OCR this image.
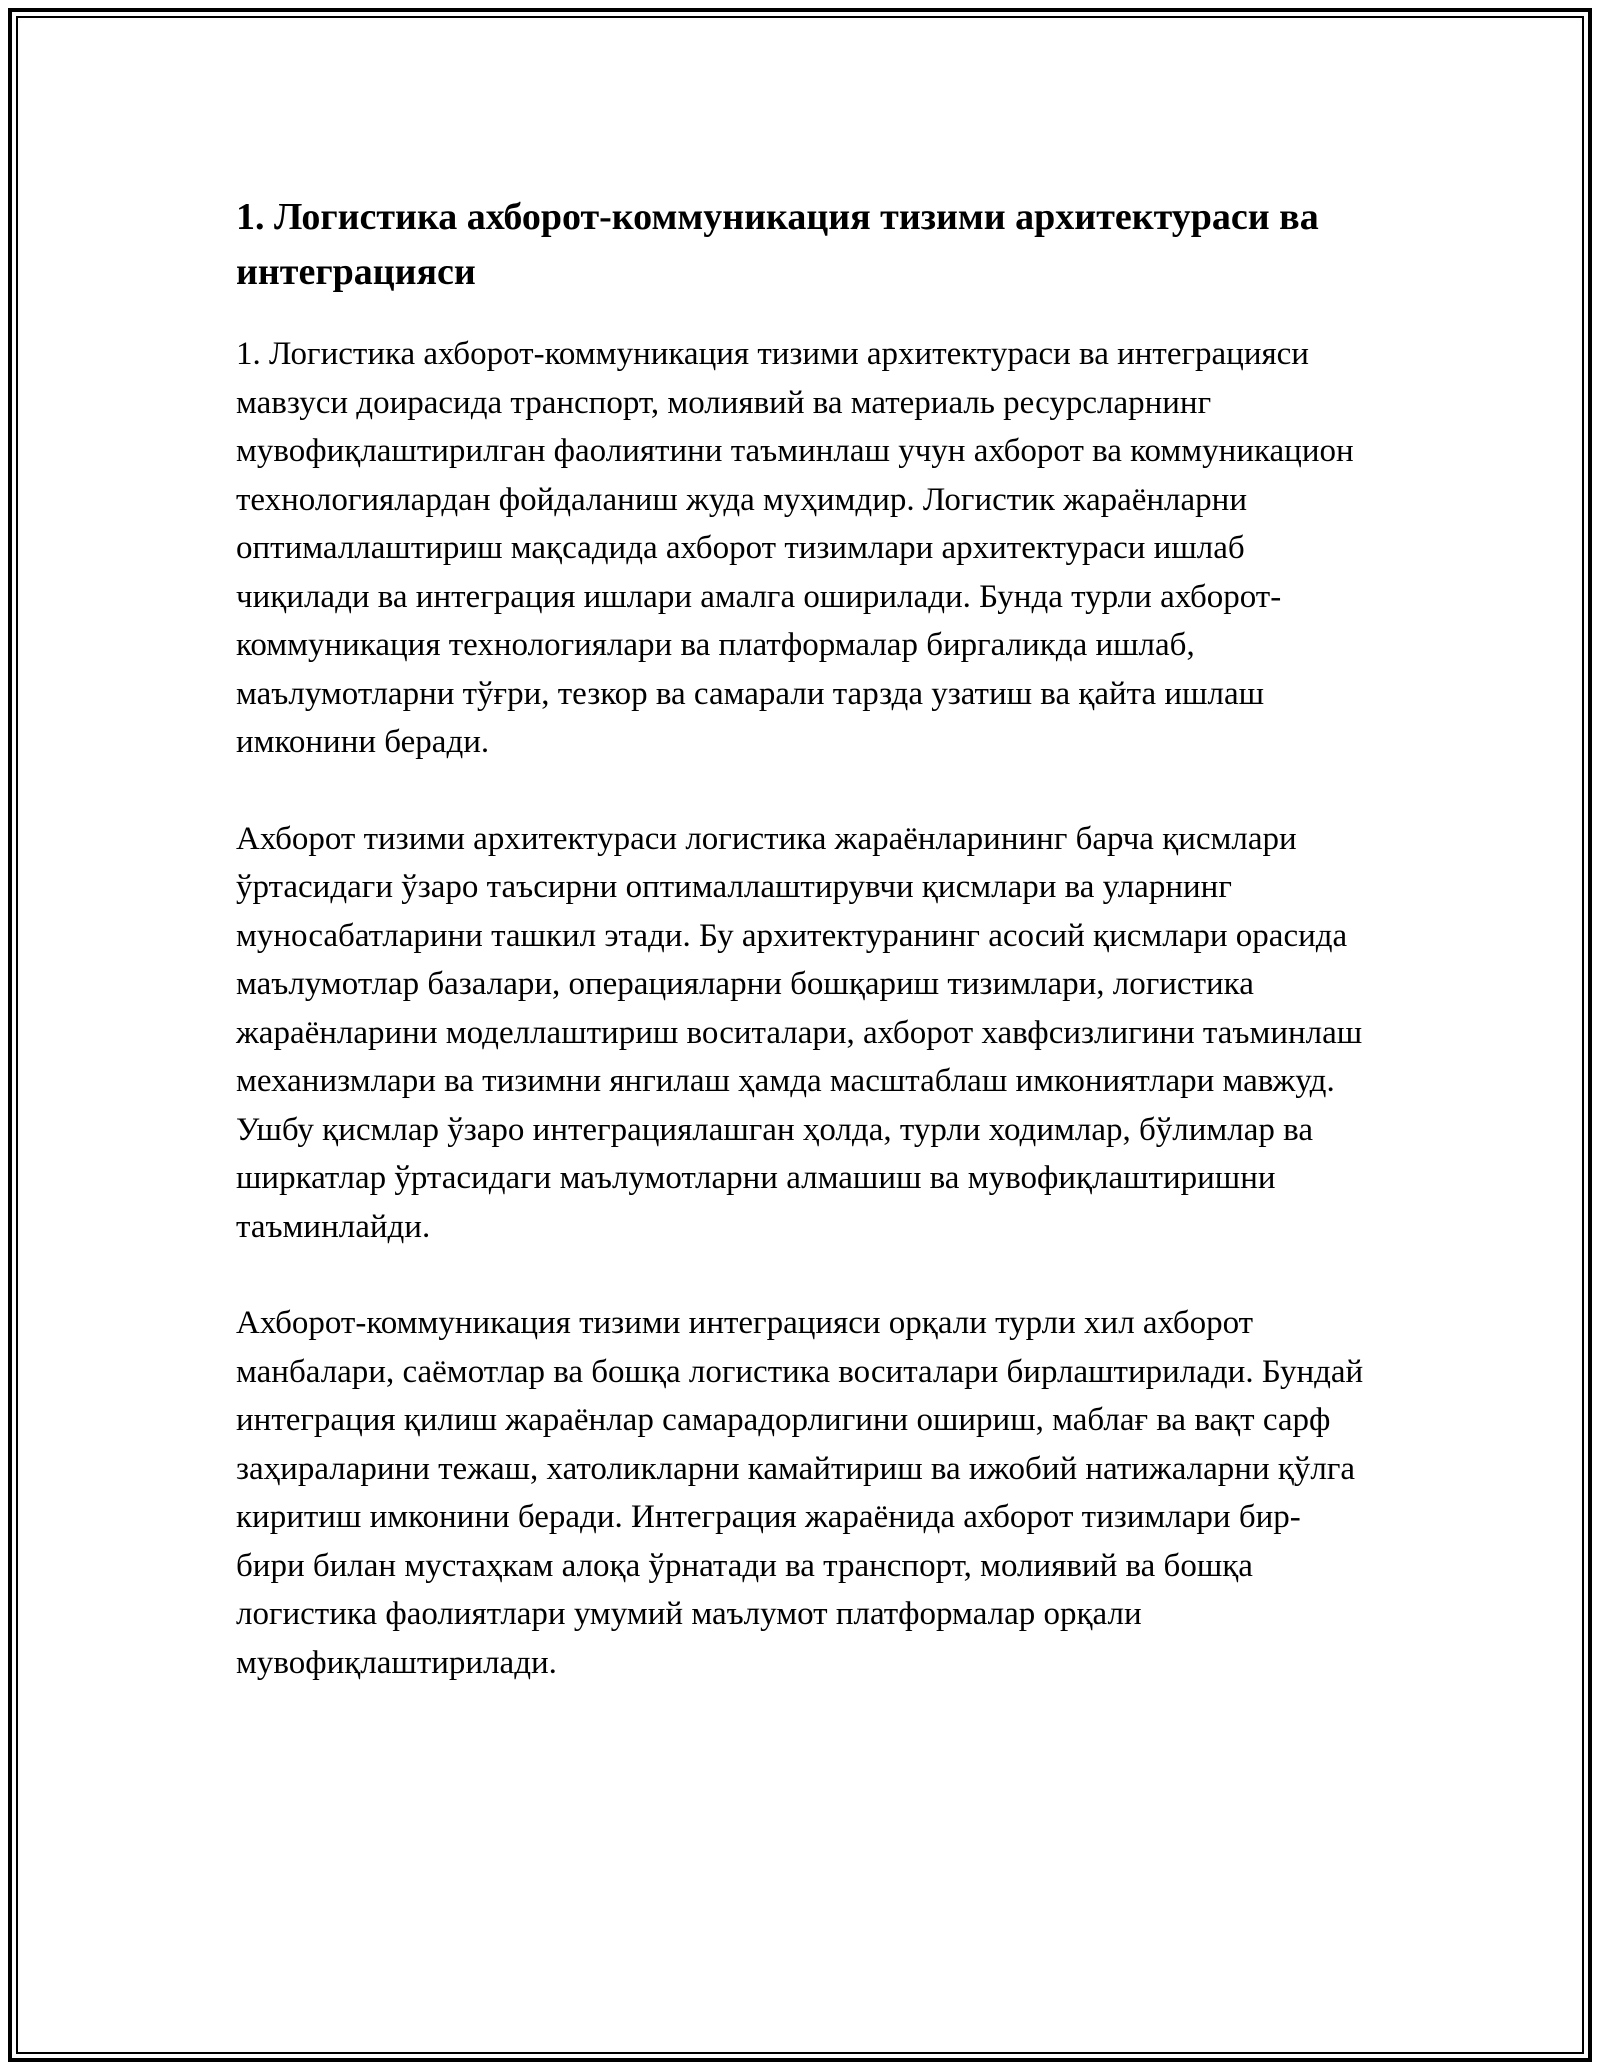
1. Логистика ахборот-коммуникация тизими архитектураси ва интеграцияси

1. Логистика ахборот-коммуникация тизими архитектураси ва интеграцияси мавзуси доирасида транспорт, молиявий ва материаль ресурсларнинг мувофиқлаштирилган фаолиятини таъминлаш учун ахборот ва коммуникацион технологиялардан фойдаланиш жуда муҳимдир. Логистик жараёнларни оптималлаштириш мақсадида ахборот тизимлари архитектураси ишлаб чиқилади ва интеграция ишлари амалга оширилади. Бунда турли ахборот-коммуникация технологиялари ва платформалар биргаликда ишлаб, маълумотларни тўғри, тезкор ва самарали тарзда узатиш ва қайта ишлаш имконини беради.

Ахборот тизими архитектураси логистика жараёнларининг барча қисмлари ўртасидаги ўзаро таъсирни оптималлаштирувчи қисмлари ва уларнинг муносабатларини ташкил этади. Бу архитектуранинг асосий қисмлари орасида маълумотлар базалари, операцияларни бошқариш тизимлари, логистика жараёнларини моделлаштириш воситалари, ахборот хавфсизлигини таъминлаш механизмлари ва тизимни янгилаш ҳамда масштаблаш имкониятлари мавжуд. Ушбу қисмлар ўзаро интеграциялашган ҳолда, турли ходимлар, бўлимлар ва ширкатлар ўртасидаги маълумотларни алмашиш ва мувофиқлаштиришни таъминлайди.

Ахборот-коммуникация тизими интеграцияси орқали турли хил ахборот манбалари, саёмотлар ва бошқа логистика воситалари бирлаштирилади. Бундай интеграция қилиш жараёнлар самарадорлигини ошириш, маблағ ва вақт сарф заҳираларини тежаш, хатоликларни камайтириш ва ижобий натижаларни қўлга киритиш имконини беради. Интеграция жараёнида ахборот тизимлари бир-бири билан мустаҳкам алоқа ўрнатади ва транспорт, молиявий ва бошқа логистика фаолиятлари умумий маълумот платформалар орқали мувофиқлаштирилади.
